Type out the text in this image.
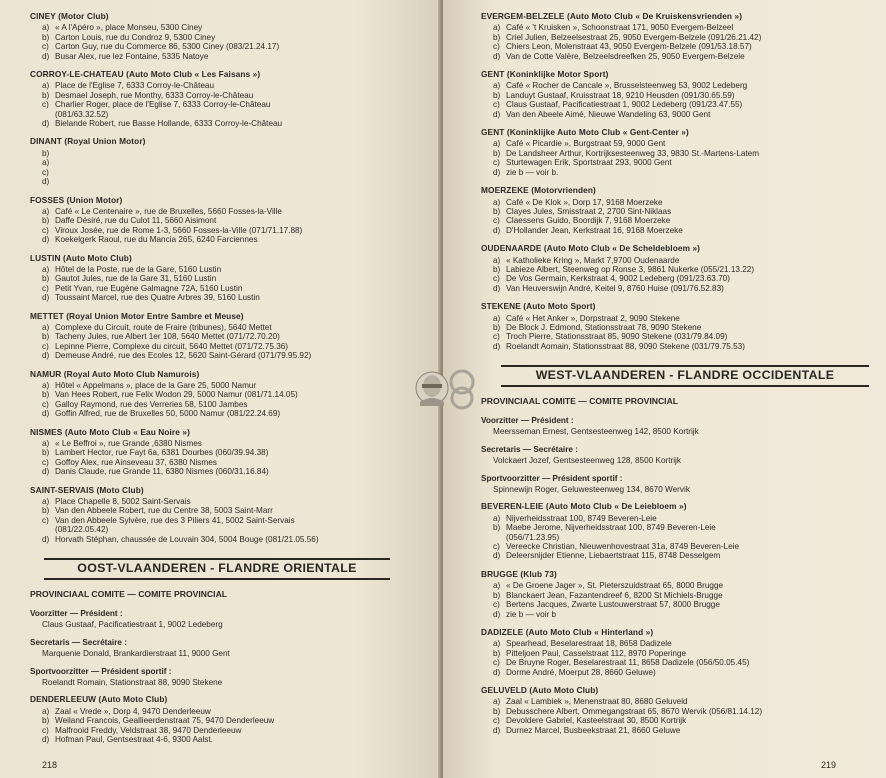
CINEY (Motor Club)
a) « A l'Apéro », place Monseu, 5300 Ciney
b) Carton Louis, rue du Condroz 9, 5300 Ciney
c) Carton Guy, rue du Commerce 86, 5300 Ciney (083/21.24.17)
d) Busar Alex, rue lez Fontaine, 5335 Natoye
CORROY-LE-CHATEAU (Auto Moto Club « Les Faisans »)
a) Place de l'Eglise 7, 6333 Corroy-le-Château
b) Desmael Joseph, rue Monthy, 6333 Corroy-le-Château
c) Charlier Roger, place de l'Eglise 7, 6333 Corroy-le-Château
(081/63.32.52)
d) Bielande Robert, rue Basse Hollande, 6333 Corroy-le-Château
DINANT (Royal Union Motor)
b)
a)
c)
d)
FOSSES (Union Motor)
a) Café « Le Centenaire », rue de Bruxelles, 5660 Fosses-la-Ville
b) Daffe Désiré, rue du Culot 11, 5660 Aisimont
c) Viroux Josée, rue de Rome 1-3, 5660 Fosses-la-Ville (071/71.17.88)
d) Koekelgerk Raoul, rue du Mancia 265, 6240 Farciennes
LUSTIN (Auto Moto Club)
a) Hôtel de la Poste, rue de la Gare, 5160 Lustin
b) Gautot Jules, rue de la Gare 31, 5160 Lustin
c) Petit Yvan, rue Eugène Galmagne 72A, 5160 Lustin
d) Toussaint Marcel, rue des Quatre Arbres 39, 5160 Lustin
METTET (Royal Union Motor Entre Sambre et Meuse)
a) Complexe du Circuit, route de Fraire (tribunes), 5640 Mettet
b) Tacheny Jules, rue Albert 1er 108, 5640 Mettet (071/72.70.20)
c) Lepinne Pierre, Complexe du circuit, 5640 Mettet (071/72.75.36)
d) Demeuse André, rue des Ecoles 12, 5620 Saint-Gérard (071/79.95.92)
NAMUR (Royal Auto Moto Club Namurois)
a) Hôtel « Appelmans », place de la Gare 25, 5000 Namur
b) Van Hees Robert, rue Felix Wodon 29, 5000 Namur (081/71.14.05)
c) Galloy Raymond, rue des Verreries 58, 5100 Jambes
d) Goffin Alfred, rue de Bruxelles 50, 5000 Namur (081/22.24.69)
NISMES (Auto Moto Club « Eau Noire »)
a) « Le Beffroi », rue Grande ,6380 Nismes
b) Lambert Hector, rue Fayt 6a, 6381 Dourbes (060/39.94.38)
c) Goffoy Alex, rue Ainseveau 37, 6380 Nismes
d) Danis Claude, rue Grande 11, 6380 Nismes (060/31.16.84)
SAINT-SERVAIS (Moto Club)
a) Place Chapelle 8, 5002 Saint-Servais
b) Van den Abbeele Robert, rue du Centre 38, 5003 Saint-Marr
c) Van den Abbeele Sylvère, rue des 3 Piliers 41, 5002 Saint-Servais
(081/22.05.42)
d) Horvath Stéphan, chaussée de Louvain 304, 5004 Bouge (081/21.05.56)
OOST-VLAANDEREN - FLANDRE ORIENTALE
PROVINCIAAL COMITE — COMITE PROVINCIAL
Voorzitter — Président :
Claus Gustaaf, Pacificatiestraat 1, 9002 Ledeberg
Secretaris — Secrétaire :
Marquenie Donald, Brankardierstraat 11, 9000 Gent
Sportvoorzitter — Président sportif :
Roelandt Romain, Stationstraat 88, 9090 Stekene
DENDERLEEUW (Auto Moto Club)
a) Zaal « Vrede », Dorp 4, 9470 Denderleeuw
b) Weiland Francois, Geallieerdenstraat 75, 9470 Denderleeuw
c) Malfrooid Freddy, Veldstraat 38, 9470 Denderleeuw
d) Hofman Paul, Gentsestraat 4-6, 9300 Aalst.
218
EVERGEM-BELZELE (Auto Moto Club « De Kruiskensvrienden »)
a) Café « 't Kruisken », Schoonstraat 171, 9050 Evergem-Belzeel
b) Criel Julien, Belzeelsestraat 25, 9050 Evergem-Belzele (091/26.21.42)
c) Chiers Leon, Molenstraat 43, 9050 Evergem-Belzele (091/53.18.57)
d) Van de Cotte Valère, Belzeelsdreefken 25, 9050 Evergem-Belzele
GENT (Koninklijke Motor Sport)
a) Café « Rocher de Cancale », Brusselsteenweg 53, 9002 Ledeberg
b) Landuyt Gustaaf, Kruisstraat 18, 9210 Heusden (091/30.65.59)
c) Claus Gustaaf, Pacificatiestraat 1, 9002 Ledeberg (091/23.47.55)
d) Van den Abeele Aimé, Nieuwe Wandeling 63, 9000 Gent
GENT (Koninklijke Auto Moto Club « Gent-Center »)
a) Café « Picardie », Burgstraat 59, 9000 Gent
b) De Landsheer Arthur, Kortrijksesteenweg 33, 9830 St.-Martens-Latem
c) Sturtewagen Erik, Sportstraat 293, 9000 Gent
d) zie b — voir b.
MOERZEKE (Motorvrienden)
a) Café « De Klok », Dorp 17, 9168 Moerzeke
b) Clayes Jules, Smisstraat 2, 2700 Sint-Niklaas
c) Claessens Guido, Boordijk 7, 9168 Moerzeke
d) D'Hollander Jean, Kerkstraat 16, 9168 Moerzeke
OUDENAARDE (Auto Moto Club « De Scheldebloem »)
a) « Katholieke Kring », Markt 7,9700 Oudenaarde
b) Labieze Albert, Steenweg op Ronse 3, 9861 Nukerke (055/21.13.22)
c) De Vos Germain, Kerkstraat 4, 9002 Ledeberg (091/23.63.70)
d) Van Heuverswijn André, Keitel 9, 8760 Huise (091/76.52.83)
STEKENE (Auto Moto Sport)
a) Café « Het Anker », Dorpstraat 2, 9090 Stekene
b) De Block J. Edmond, Stationsstraat 78, 9090 Stekene
c) Troch Pierre, Stationsstraat 85, 9090 Stekene (031/79.84.09)
d) Roelandt Aomain, Stationsstraat 88, 9090 Stekene (031/79.75.53)
WEST-VLAANDEREN - FLANDRE OCCIDENTALE
PROVINCIAAL COMITE — COMITE PROVINCIAL
Voorzitter — Président :
Meersseman Ernest, Gentsesteenweg 142, 8500 Kortrijk
Secretaris — Secrétaire :
Volckaert Jozef, Gentsesteenweg 128, 8500 Kortrijk
Sportvoorzitter — Président sportif :
Spinnewijn Roger, Geluwesteenweg 134, 8670 Wervik
BEVEREN-LEIE (Auto Moto Club « De Leiebloem »)
a) Nijverheidsstraat 100, 8749 Beveren-Leie
b) Maebe Jerome, Nijverheidsstraat 100, 8749 Beveren-Leie
(056/71.23.95)
c) Vereecke Christian, Nieuwenhovestraat 31a, 8749 Beveren-Leie
d) Deleersnijder Etienne, Liebaertstraat 115, 8748 Desselgem
BRUGGE (Klub 73)
a) « De Groene Jager », St. Pieterszuidstraat 65, 8000 Brugge
b) Blanckaert Jean, Fazantendreef 6, 8200 St Michiels-Brugge
c) Bertens Jacques, Zwarte Lustouwerstraat 57, 8000 Brugge
d) zie b — voir b
DADIZELE (Auto Moto Club « Hinterland »)
a) Spearhead, Beselarestraat 18, 8658 Dadizele
b) Pitteljoen Paul, Casselstraat 112, 8970 Poperinge
c) De Bruyne Roger, Beselarestraat 11, 8658 Dadizele (056/50.05.45)
d) Dorme André, Moerput 28, 8660 Geluwe)
GELUVELD (Auto Moto Club)
a) Zaal « Lambiek », Menenstraat 80, 8680 Geluveld
b) Debusschere Albert, Ommegangstraat 65, 8670 Wervik (056/81.14.12)
c) Devoldere Gabriel, Kasteelstraat 30, 8500 Kortrijk
d) Durnez Marcel, Busbeekstraat 21, 8660 Geluwe
219
